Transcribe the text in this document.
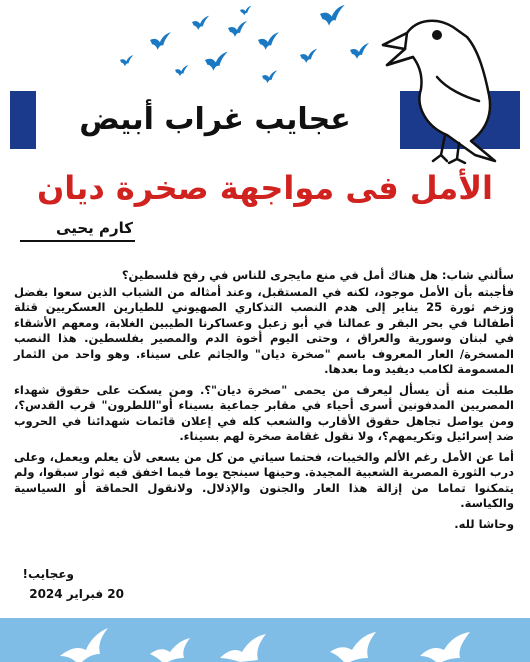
عجايب غراب أبيض
الأمل فى مواجهة صخرة ديان
كارم يحيى

سألني شاب: هل هناك أمل في منع مايجرى للناس في رفح فلسطين؟

فأجبته بأن الأمل موجود، لكنه في المستقبل، وعند أمثاله من الشباب الذين سعوا بفضل وزخم ثورة 25 يناير إلى هدم النصب التذكاري الصهيوني للطيارين العسكريين قتلة أطفالنا في بحر البقر و عمالنا في أبو زعبل وعساكرنا الطيبين الغلابة، ومعهم الأشقاء في لبنان وسورية والعراق ، وحتى اليوم أخوة الدم والمصير بفلسطين. هذا النصب المسخرة/ العار المعروف باسم "صخرة ديان" والجاثم على سيناء. وهو واحد من الثمار المسمومة لكامب ديفيد وما بعدها.

طلبت منه أن يسأل ليعرف من يحمى "صخرة ديان"؟. ومن يسكت على حقوق شهداء المصريين المدفونين أسرى أحياء في مقابر جماعية بسيناء أو"اللطرون" قرب القدس؟، ومن يواصل تجاهل حقوق الأقارب والشعب كله في إعلان قائمات شهدائنا في الحروب ضد إسرائيل وتكريمهم؟، ولا نقول غقامة صخرة لهم بسيناء.

أما عن الأمل رغم الألم والخيبات، فحتما سياتي من كل من يسعى لأن يعلم ويعمل، وعلى درب الثورة المصرية الشعبية المجيدة. وحينها سينجح يوما فيما اخفق فيه ثوار سبقوا، ولم يتمكنوا تماما من إزالة هذا العار والجنون والإذلال. ولانقول الحماقة أو السياسية والكياسة.

وحاشا لله.

وعجايب!
20 فبراير 2024
